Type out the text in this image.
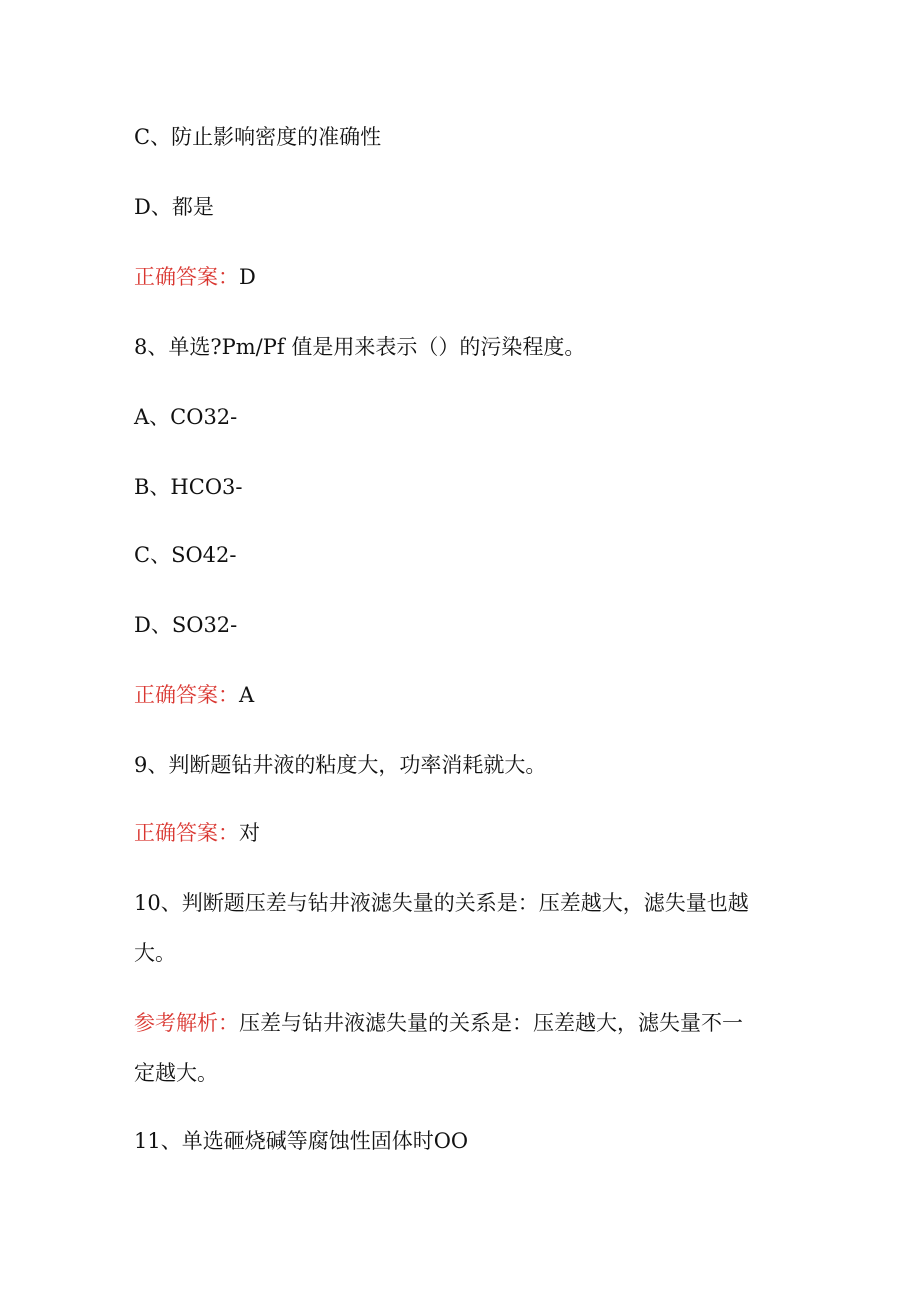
C、防止影响密度的准确性
D、都是
正确答案：D
8、单选?Pm/Pf 值是用来表示（）的污染程度。
A、CO32-
B、HCO3-
C、SO42-
D、SO32-
正确答案：A
9、判断题钻井液的粘度大，功率消耗就大。
正确答案：对
10、判断题压差与钻井液滤失量的关系是：压差越大，滤失量也越
大。
参考解析：压差与钻井液滤失量的关系是：压差越大，滤失量不一
定越大。
11、单选砸烧碱等腐蚀性固体时OO
